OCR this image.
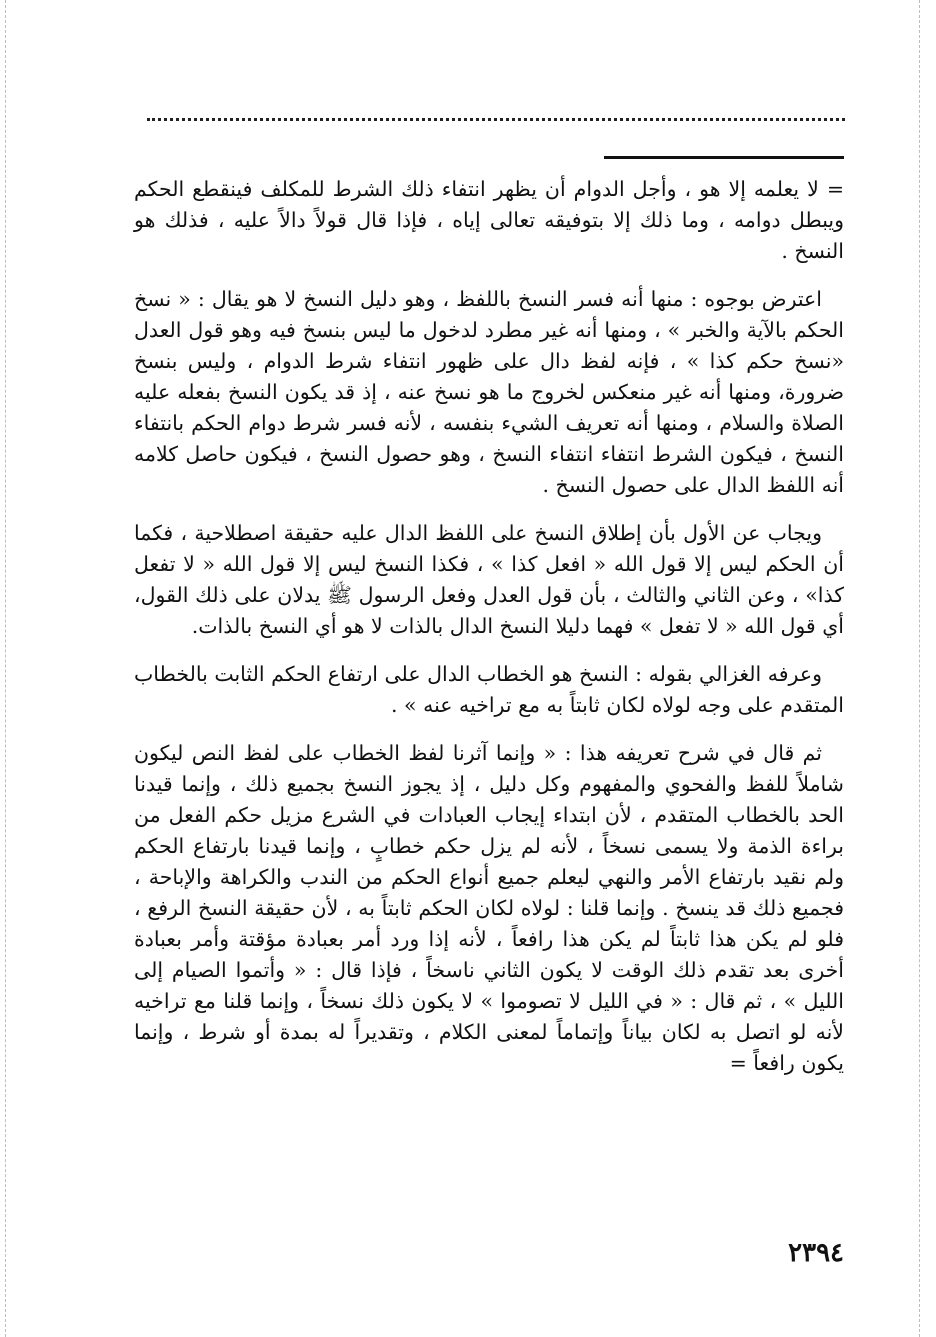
= لا يعلمه إلا هو ، وأجل الدوام أن يظهر انتفاء ذلك الشرط للمكلف فينقطع الحكم ويبطل دوامه ، وما ذلك إلا بتوفيقه تعالى إياه ، فإذا قال قولاً دالاً عليه ، فذلك هو النسخ .

اعترض بوجوه : منها أنه فسر النسخ باللفظ ، وهو دليل النسخ لا هو يقال : « نسخ الحكم بالآية والخبر » ، ومنها أنه غير مطرد لدخول ما ليس بنسخ فيه وهو قول العدل «نسخ حكم كذا » ، فإنه لفظ دال على ظهور انتفاء شرط الدوام ، وليس بنسخ ضرورة، ومنها أنه غير منعكس لخروج ما هو نسخ عنه ، إذ قد يكون النسخ بفعله عليه الصلاة والسلام ، ومنها أنه تعريف الشيء بنفسه ، لأنه فسر شرط دوام الحكم بانتفاء النسخ ، فيكون الشرط انتفاء انتفاء النسخ ، وهو حصول النسخ ، فيكون حاصل كلامه أنه اللفظ الدال على حصول النسخ .

ويجاب عن الأول بأن إطلاق النسخ على اللفظ الدال عليه حقيقة اصطلاحية ، فكما أن الحكم ليس إلا قول الله « افعل كذا » ، فكذا النسخ ليس إلا قول الله « لا تفعل كذا» ، وعن الثاني والثالث ، بأن قول العدل وفعل الرسول ﷺ يدلان على ذلك القول، أي قول الله « لا تفعل » فهما دليلا النسخ الدال بالذات لا هو أي النسخ بالذات.

وعرفه الغزالي بقوله : النسخ هو الخطاب الدال على ارتفاع الحكم الثابت بالخطاب المتقدم على وجه لولاه لكان ثابتاً به مع تراخيه عنه » .

ثم قال في شرح تعريفه هذا : « وإنما آثرنا لفظ الخطاب على لفظ النص ليكون شاملاً للفظ والفحوي والمفهوم وكل دليل ، إذ يجوز النسخ بجميع ذلك ، وإنما قيدنا الحد بالخطاب المتقدم ، لأن ابتداء إيجاب العبادات في الشرع مزيل حكم الفعل من براءة الذمة ولا يسمى نسخاً ، لأنه لم يزل حكم خطابٍ ، وإنما قيدنا بارتفاع الحكم ولم نقيد بارتفاع الأمر والنهي ليعلم جميع أنواع الحكم من الندب والكراهة والإباحة ، فجميع ذلك قد ينسخ . وإنما قلنا : لولاه لكان الحكم ثابتاً به ، لأن حقيقة النسخ الرفع ، فلو لم يكن هذا ثابتاً لم يكن هذا رافعاً ، لأنه إذا ورد أمر بعبادة مؤقتة وأمر بعبادة أخرى بعد تقدم ذلك الوقت لا يكون الثاني ناسخاً ، فإذا قال : « وأتموا الصيام إلى الليل » ، ثم قال : « في الليل لا تصوموا » لا يكون ذلك نسخاً ، وإنما قلنا مع تراخيه لأنه لو اتصل به لكان بياناً وإتماماً لمعنى الكلام ، وتقديراً له بمدة أو شرط ، وإنما يكون رافعاً =

٢٣٩٤
